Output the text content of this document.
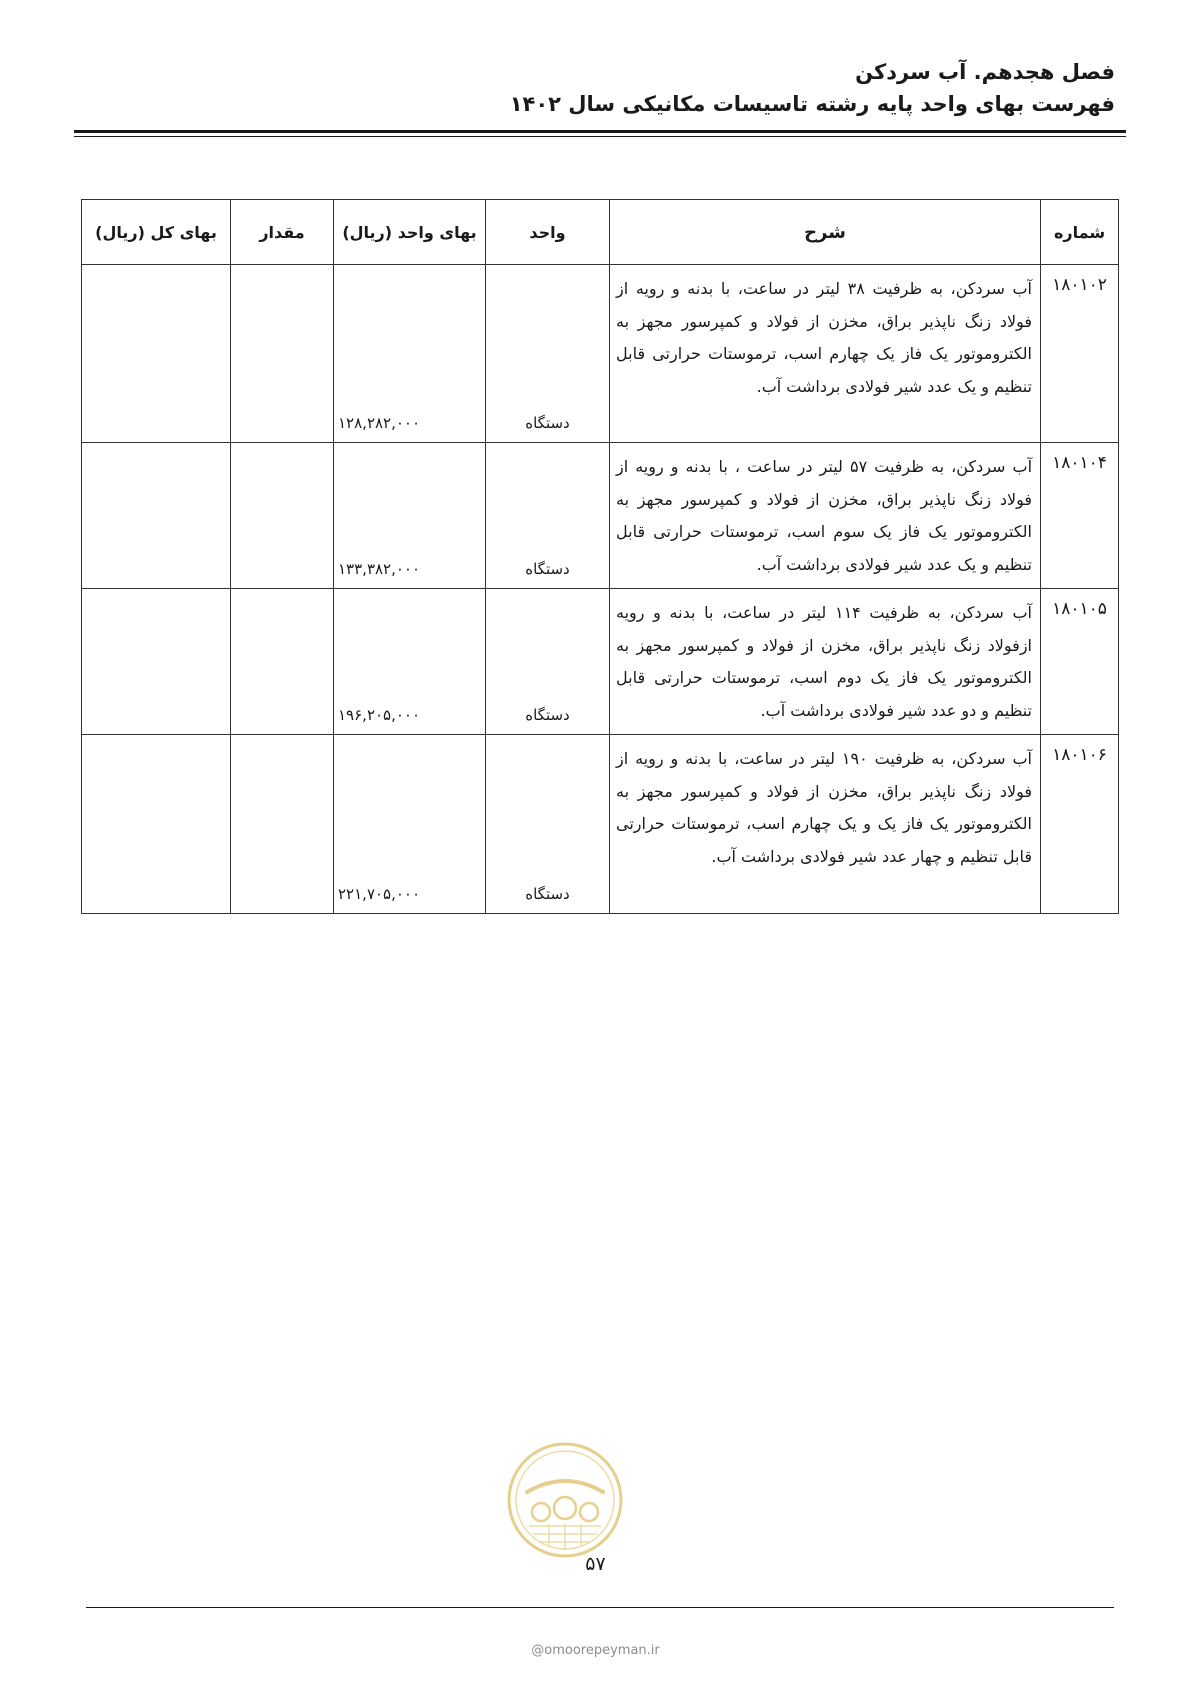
فصل هجدهم. آب سردکن
فهرست بهای واحد پایه رشته تاسیسات مکانیکی سال ۱۴۰۲
شماره	شرح	واحد	بهای واحد (ریال)	مقدار	بهای کل (ریال)
۱۸۰۱۰۲	آب سردکن، به ظرفیت ۳۸ لیتر در ساعت، با بدنه و رویه از فولاد زنگ ناپذیر براق، مخزن از فولاد و کمپرسور مجهز به الکتروموتور یک فاز یک چهارم اسب، ترموستات حرارتی قابل تنظیم و یک عدد شیر فولادی برداشت آب.	دستگاه	۱۲۸,۲۸۲,۰۰۰		
۱۸۰۱۰۴	آب سردکن، به ظرفیت ۵۷ لیتر در ساعت ، با بدنه و رویه از فولاد زنگ ناپذیر براق، مخزن از فولاد و کمپرسور مجهز به الکتروموتور یک فاز یک سوم اسب، ترموستات حرارتی قابل تنظیم و یک عدد شیر فولادی برداشت آب.	دستگاه	۱۳۳,۳۸۲,۰۰۰		
۱۸۰۱۰۵	آب سردکن، به ظرفیت ۱۱۴ لیتر در ساعت، با بدنه و رویه ازفولاد زنگ ناپذیر براق، مخزن از فولاد و کمپرسور مجهز به الکتروموتور یک فاز یک دوم اسب، ترموستات حرارتی قابل تنظیم و دو عدد شیر فولادی برداشت آب.	دستگاه	۱۹۶,۲۰۵,۰۰۰		
۱۸۰۱۰۶	آب سردکن، به ظرفیت ۱۹۰ لیتر در ساعت، با بدنه و رویه از فولاد زنگ ناپذیر براق، مخزن از فولاد و کمپرسور مجهز به الکتروموتور یک فاز یک و یک چهارم اسب، ترموستات حرارتی قابل تنظیم و چهار عدد شیر فولادی برداشت آب.	دستگاه	۲۲۱,۷۰۵,۰۰۰		
۵۷
@omoorepeyman.ir
